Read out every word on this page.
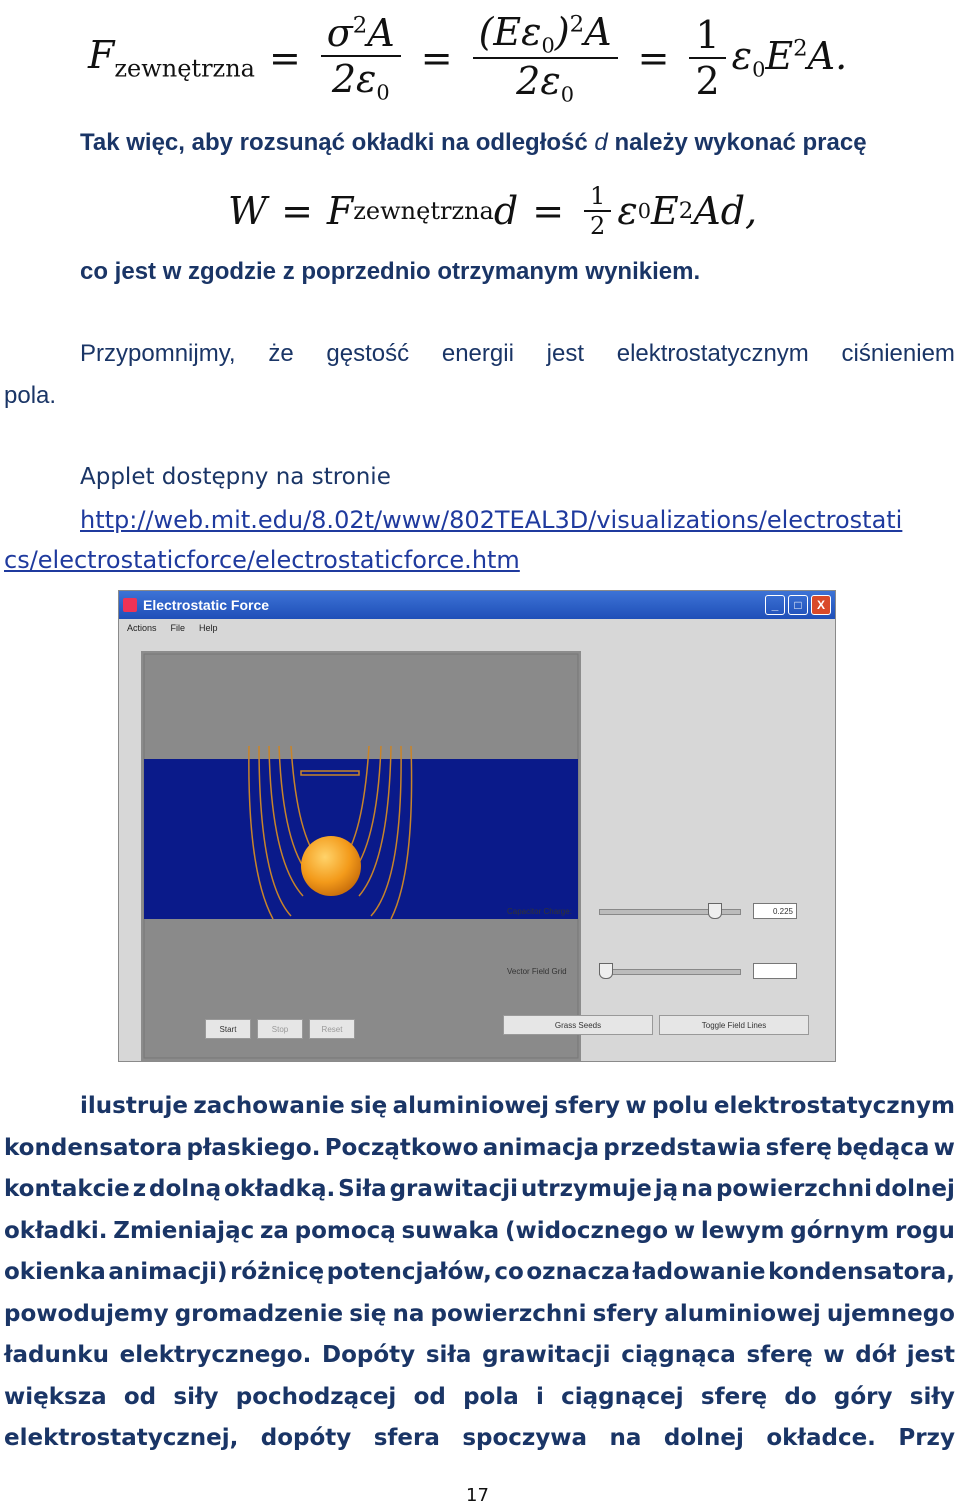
$F_{zewnętrzna} = \frac{\sigma^2A}{2\varepsilon_0} = \frac{(E\varepsilon_0)^2A}{2\varepsilon_0} = \frac{1}{2} \varepsilon_0E^2A$.
Tak więc, aby rozsunąć okładki na odległość d należy wykonać pracę
W = F zewnętrzna $d = \frac{1}{2}$ ε 0 E 2 Ad,
co jest w zgodzie z poprzednio otrzymanym wynikiem.
Przypomnijmy, że gęstość energii jest elektrostatycznym ciśnieniem
pola.
Applet dostępny na stronie
http://web.mit.edu/8.02t/www/802TEAL3D/visualizations/electrostati
cs/electrostaticforce/electrostaticforce.htm
Electrostatic Force	_	□	X
Actions File Help
Capacitor Charge:	0.225
Vector Field Grid
Start	Stop	Reset	Grass Seeds	Toggle Field Lines
ilustruje zachowanie się aluminiowej sfery w polu elektrostatycznym
kondensatora płaskiego. Początkowo animacja przedstawia sferę będąca w
kontakcie z dolną okładką. Siła grawitacji utrzymuje ją na powierzchni dolnej
okładki. Zmieniając za pomocą suwaka (widocznego w lewym górnym rogu
okienka animacji) różnicę potencjałów, co oznacza ładowanie kondensatora,
powodujemy gromadzenie się na powierzchni sfery aluminiowej ujemnego
ładunku elektrycznego. Dopóty siła grawitacji ciągnąca sferę w dół jest
większa od siły pochodzącej od pola i ciągnącej sferę do góry siły
elektrostatycznej, dopóty sfera spoczywa na dolnej okładce. Przy
17
